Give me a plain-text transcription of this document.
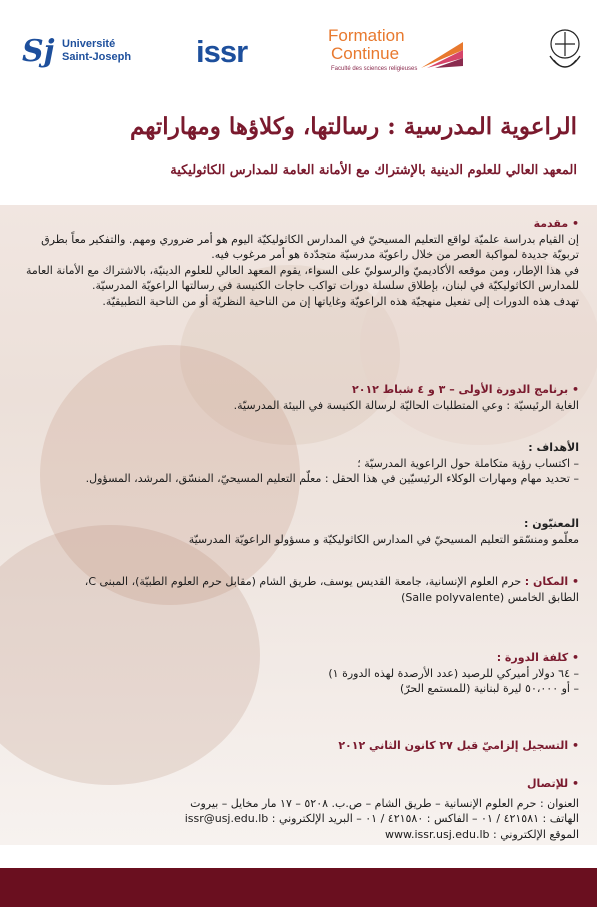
Sj Université
Saint-Joseph issr	Formation
Continue
Faculté des sciences religieuses
الراعوية المدرسية : رسالتها، وكلاؤها ومهاراتهم
المعهد العالي للعلوم الدينية بالإشتراك مع الأمانة العامة للمدارس الكاثوليكية
• مقدمة

إن القيام بدراسة علميّة لواقع التعليم المسيحيّ في المدارس الكاثوليكيّة اليوم هو أمر ضروري ومهم. والتفكير معاً بطرق تربويّة جديدة لمواكبة العصر من خلال راعويّة مدرسيّة متجدّدة هو أمر مرغوب فيه.

في هذا الإطار، ومن موقعه الأكاديميّ والرسوليّ على السواء، يقوم المعهد العالي للعلوم الدينيّة، بالاشتراك مع الأمانة العامة للمدارس الكاثوليكيّة في لبنان، بإطلاق سلسلة دورات تواكب حاجات الكنيسة في رسالتها الراعويّة المدرسيّة.

تهدف هذه الدورات إلى تفعيل منهجيّة هذه الراعويّة وغاياتها إن من الناحية النظريّة أو من الناحية التطبيقيّة.

• برنامج الدورة الأولى – ٣ و ٤ شباط ٢٠١٢
الغاية الرئيسيّة : وعي المتطلبات الحاليّة لرسالة الكنيسة في البيئة المدرسيّة.
الأهداف :
– اكتساب رؤية متكاملة حول الراعوية المدرسيّة ؛
– تحديد مهام ومهارات الوكلاء الرئيسيّين في هذا الحقل : معلّم التعليم المسيحيّ، المنسّق، المرشد، المسؤول.
المعنيّون :
معلّمو ومنسّقو التعليم المسيحيّ في المدارس الكاثوليكيّة و مسؤولو الراعويّة المدرسيّة
• المكان : حرم العلوم الإنسانية، جامعة القديس يوسف، طريق الشام (مقابل حرم العلوم الطبيّة)، المبنى C،
الطابق الخامس (Salle polyvalente)
• كلفة الدورة :
– ٦٤ دولار أميركي للرصيد (عدد الأرصدة لهذه الدورة ١)
– أو ٥٠،٠٠٠ ليرة لبنانية (للمستمع الحرّ)
• التسجيل إلزاميّ قبل ٢٧ كانون الثاني ٢٠١٢
• للإتصال
العنوان : حرم العلوم الإنسانية – طريق الشام – ص.ب. ٥٢٠٨ – ١٧ مار مخايل – بيروت
الهاتف : ٤٢١٥٨١ / ٠١ – الفاكس : ٤٢١٥٨٠ / ٠١ – البريد الإلكتروني : issr@usj.edu.lb
الموقع الإلكتروني : www.issr.usj.edu.lb
